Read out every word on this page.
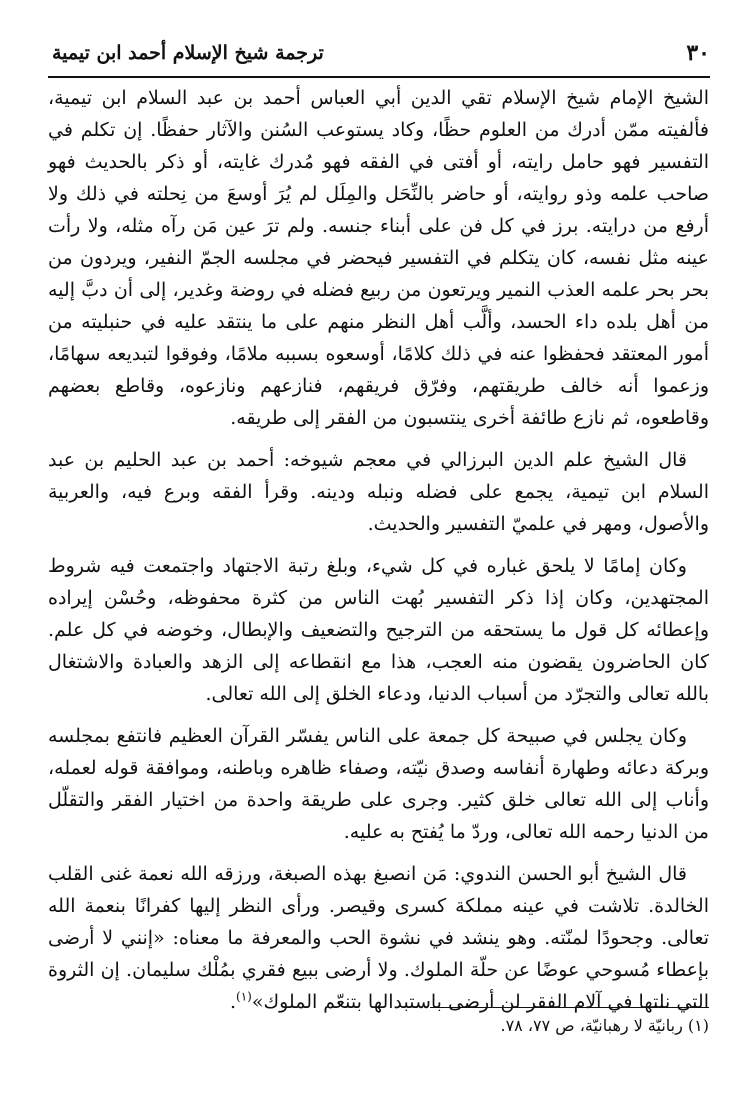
٣٠
ترجمة شيخ الإسلام أحمد ابن تيمية

الشيخ الإمام شيخ الإسلام تقي الدين أبي العباس أحمد بن عبد السلام ابن تيمية، فألفيته ممّن أدرك من العلوم حظًا، وكاد يستوعب السُنن والآثار حفظًا. إن تكلم في التفسير فهو حامل رايته، أو أفتى في الفقه فهو مُدرك غايته، أو ذكر بالحديث فهو صاحب علمه وذو روايته، أو حاضر بالنِّحَل والمِلَل لم يُرَ أوسعَ من نِحلته في ذلك ولا أرفع من درايته. برز في كل فن على أبناء جنسه. ولم ترَ عين مَن رآه مثله، ولا رأت عينه مثل نفسه، كان يتكلم في التفسير فيحضر في مجلسه الجمّ النفير، ويردون من بحر بحر علمه العذب النمير ويرتعون من ربيع فضله في روضة وغدير، إلى أن دبَّ إليه من أهل بلده داء الحسد، وألَّب أهل النظر منهم على ما ينتقد عليه في حنبليته من أمور المعتقد فحفظوا عنه في ذلك كلامًا، أوسعوه بسببه ملامًا، وفوقوا لتبديعه سهامًا، وزعموا أنه خالف طريقتهم، وفرّق فريقهم، فنازعهم ونازعوه، وقاطع بعضهم وقاطعوه، ثم نازع طائفة أخرى ينتسبون من الفقر إلى طريقه.

قال الشيخ علم الدين البرزالي في معجم شيوخه: أحمد بن عبد الحليم بن عبد السلام ابن تيمية، يجمع على فضله ونبله ودينه. وقرأ الفقه وبرع فيه، والعربية والأصول، ومهر في علميّ التفسير والحديث.

وكان إمامًا لا يلحق غباره في كل شيء، وبلغ رتبة الاجتهاد واجتمعت فيه شروط المجتهدين، وكان إذا ذكر التفسير بُهت الناس من كثرة محفوظه، وحُسْن إيراده وإعطائه كل قول ما يستحقه من الترجيح والتضعيف والإبطال، وخوضه في كل علم. كان الحاضرون يقضون منه العجب، هذا مع انقطاعه إلى الزهد والعبادة والاشتغال بالله تعالى والتجرّد من أسباب الدنيا، ودعاء الخلق إلى الله تعالى.

وكان يجلس في صبيحة كل جمعة على الناس يفسّر القرآن العظيم فانتفع بمجلسه وبركة دعائه وطهارة أنفاسه وصدق نيّته، وصفاء ظاهره وباطنه، وموافقة قوله لعمله، وأناب إلى الله تعالى خلق كثير. وجرى على طريقة واحدة من اختيار الفقر والتقلّل من الدنيا رحمه الله تعالى، وردّ ما يُفتح به عليه.

قال الشيخ أبو الحسن الندوي: مَن انصبغ بهذه الصبغة، ورزقه الله نعمة غنى القلب الخالدة. تلاشت في عينه مملكة كسرى وقيصر. ورأى النظر إليها كفرانًا بنعمة الله تعالى. وجحودًا لمنّته. وهو ينشد في نشوة الحب والمعرفة ما معناه: «إنني لا أرضى بإعطاء مُسوحي عوضًا عن حلّة الملوك. ولا أرضى ببيع فقري بمُلْك سليمان. إن الثروة التي نلتها في آلام الفقر لن أرضى باستبدالها بتنعّم الملوك»$^{(١)}$.

(١) ربانيّة لا رهبانيّة، ص ٧٧، ٧٨.
